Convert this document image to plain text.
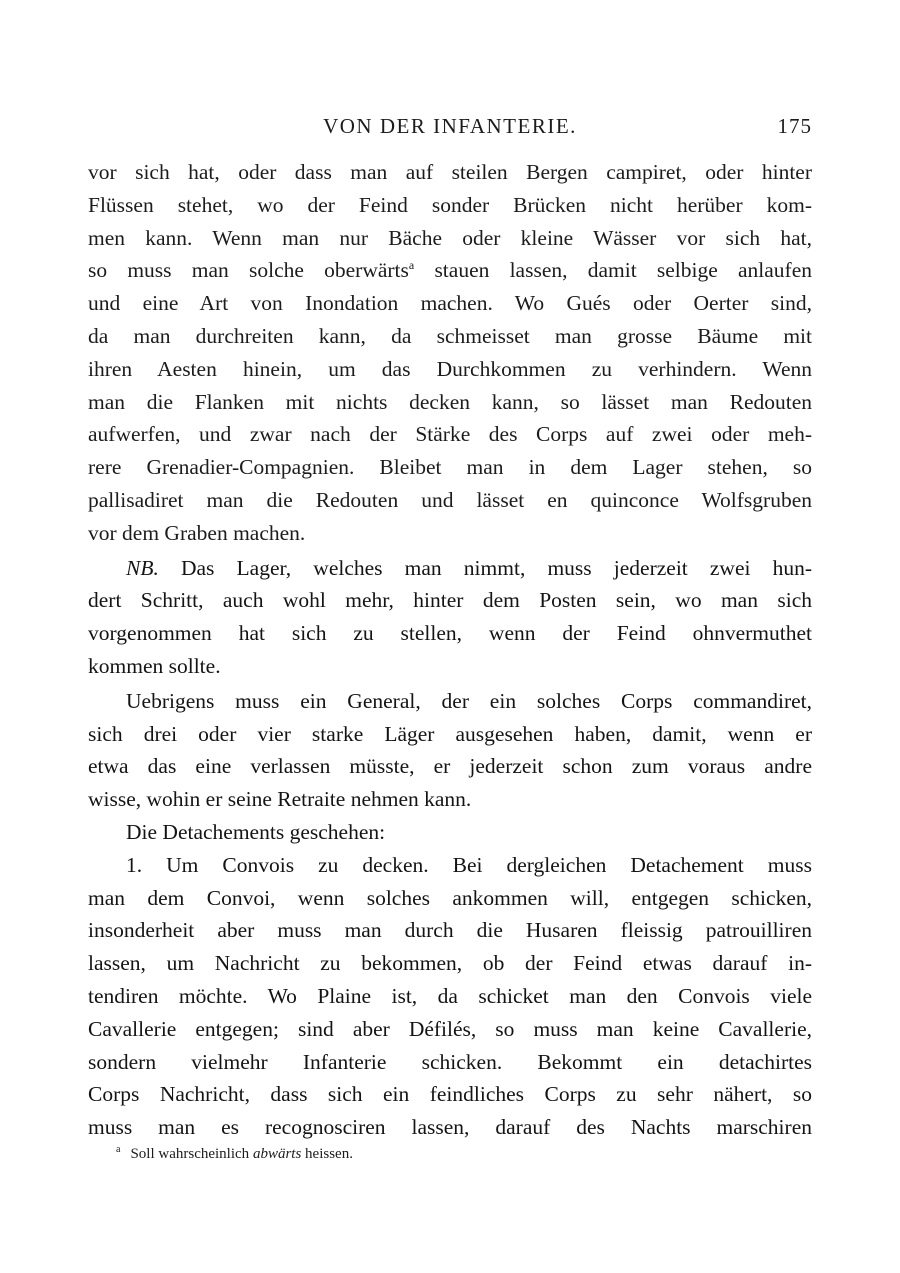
VON DER INFANTERIE.	175
vor sich hat, oder dass man auf steilen Bergen campiret, oder hinter
Flüssen stehet, wo der Feind sonder Brücken nicht herüber kom-
men kann. Wenn man nur Bäche oder kleine Wässer vor sich hat,
so muss man solche oberwärts$^a$ stauen lassen, damit selbige anlaufen
und eine Art von Inondation machen. Wo Gués oder Oerter sind,
da man durchreiten kann, da schmeisset man grosse Bäume mit
ihren Aesten hinein, um das Durchkommen zu verhindern. Wenn
man die Flanken mit nichts decken kann, so lässet man Redouten
aufwerfen, und zwar nach der Stärke des Corps auf zwei oder meh-
rere Grenadier-Compagnien. Bleibet man in dem Lager stehen, so
pallisadiret man die Redouten und lässet en quinconce Wolfsgruben
vor dem Graben machen.
NB. Das Lager, welches man nimmt, muss jederzeit zwei hun-
dert Schritt, auch wohl mehr, hinter dem Posten sein, wo man sich
vorgenommen hat sich zu stellen, wenn der Feind ohnvermuthet
kommen sollte.
Uebrigens muss ein General, der ein solches Corps commandiret,
sich drei oder vier starke Läger ausgesehen haben, damit, wenn er
etwa das eine verlassen müsste, er jederzeit schon zum voraus andre
wisse, wohin er seine Retraite nehmen kann.
Die Detachements geschehen:
1. Um Convois zu decken. Bei dergleichen Detachement muss
man dem Convoi, wenn solches ankommen will, entgegen schicken,
insonderheit aber muss man durch die Husaren fleissig patrouilliren
lassen, um Nachricht zu bekommen, ob der Feind etwas darauf in-
tendiren möchte. Wo Plaine ist, da schicket man den Convois viele
Cavallerie entgegen; sind aber Défilés, so muss man keine Cavallerie,
sondern vielmehr Infanterie schicken. Bekommt ein detachirtes
Corps Nachricht, dass sich ein feindliches Corps zu sehr nähert, so
muss man es recognosciren lassen, darauf des Nachts marschiren
$^a$ Soll wahrscheinlich abwärts heissen.
